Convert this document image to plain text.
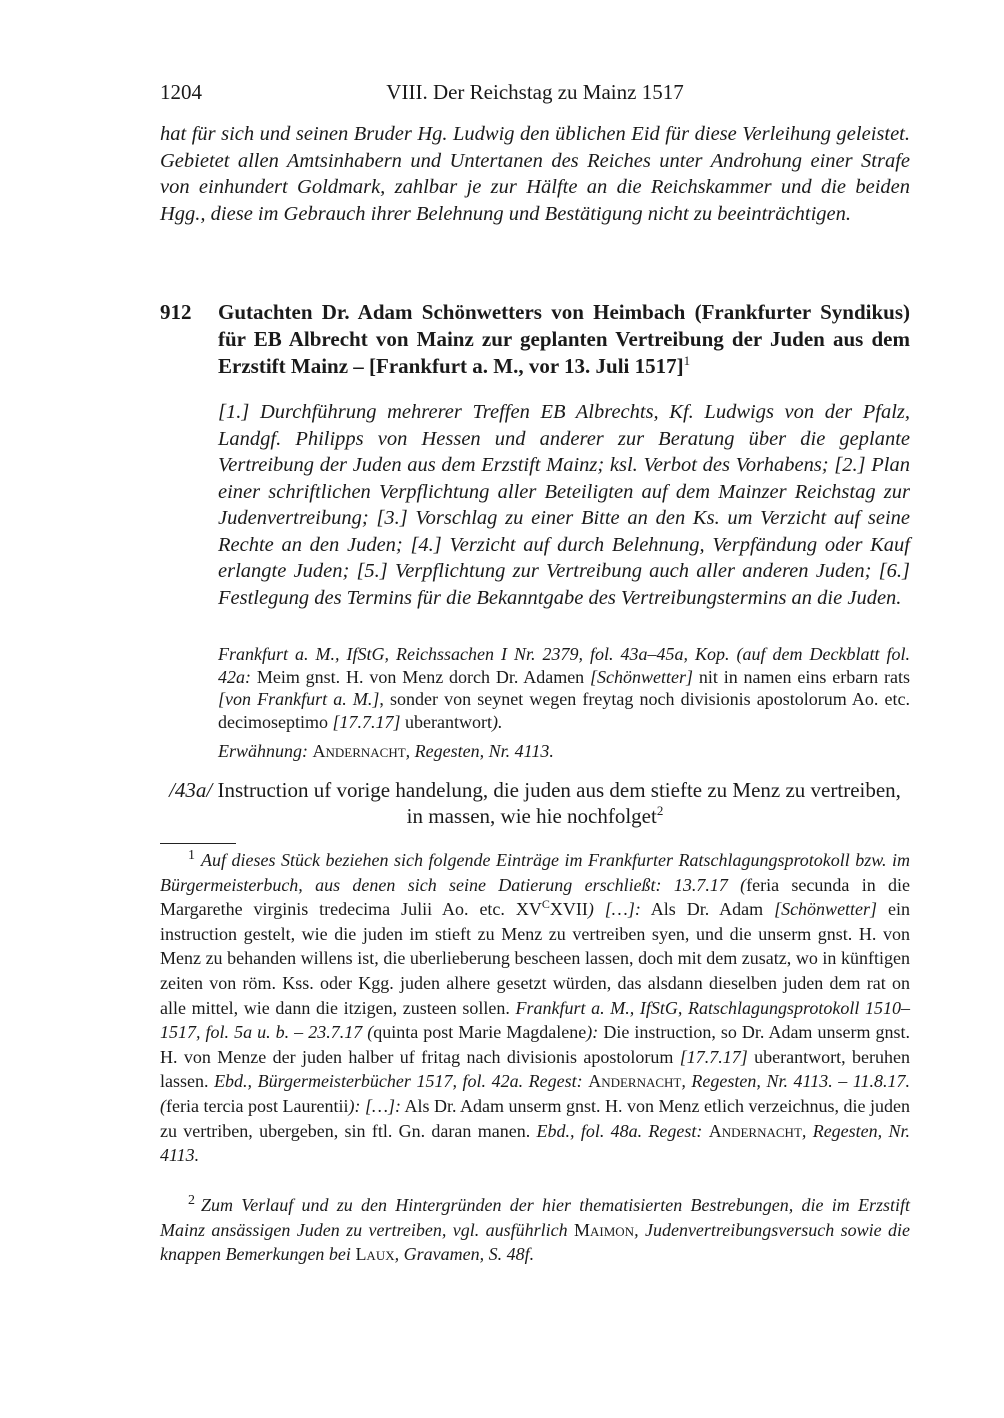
1204	VIII. Der Reichstag zu Mainz 1517

hat für sich und seinen Bruder Hg. Ludwig den üblichen Eid für diese Verleihung geleistet. Gebietet allen Amtsinhabern und Untertanen des Reiches unter Androhung einer Strafe von einhundert Goldmark, zahlbar je zur Hälfte an die Reichskammer und die beiden Hgg., diese im Gebrauch ihrer Belehnung und Bestätigung nicht zu beeinträchtigen.

912 Gutachten Dr. Adam Schönwetters von Heimbach (Frankfurter Syndikus) für EB Albrecht von Mainz zur geplanten Vertreibung der Juden aus dem Erzstift Mainz – [Frankfurt a. M., vor 13. Juli 1517]$^1$

[1.] Durchführung mehrerer Treffen EB Albrechts, Kf. Ludwigs von der Pfalz, Landgf. Philipps von Hessen und anderer zur Beratung über die geplante Vertreibung der Juden aus dem Erzstift Mainz; ksl. Verbot des Vorhabens; [2.] Plan einer schriftlichen Verpflichtung aller Beteiligten auf dem Mainzer Reichstag zur Judenvertreibung; [3.] Vorschlag zu einer Bitte an den Ks. um Verzicht auf seine Rechte an den Juden; [4.] Verzicht auf durch Belehnung, Verpfändung oder Kauf erlangte Juden; [5.] Verpflichtung zur Vertreibung auch aller anderen Juden; [6.] Festlegung des Termins für die Bekanntgabe des Vertreibungstermins an die Juden.

Frankfurt a. M., IfStG, Reichssachen I Nr. 2379, fol. 43a–45a, Kop. (auf dem Deckblatt fol. 42a: Meim gnst. H. von Menz dorch Dr. Adamen [Schönwetter] nit in namen eins erbarn rats [von Frankfurt a. M.], sonder von seynet wegen freytag noch divisionis apostolorum Ao. etc. decimoseptimo [17.7.17] uberantwort).

Erwähnung: Andernacht, Regesten, Nr. 4113.

/43a/ Instruction uf vorige handelung, die juden aus dem stiefte zu Menz zu vertreiben, in massen, wie hie nochfolget$^2$

$^1$ Auf dieses Stück beziehen sich folgende Einträge im Frankfurter Ratschlagungsprotokoll bzw. im Bürgermeisterbuch, aus denen sich seine Datierung erschließt: 13.7.17 (feria secunda in die Margarethe virginis tredecima Julii Ao. etc. $XV^CXVII$) […]: Als Dr. Adam [Schönwetter] ein instruction gestelt, wie die juden im stieft zu Menz zu vertreiben syen, und die unserm gnst. H. von Menz zu behanden willens ist, die uberlieberung bescheen lassen, doch mit dem zusatz, wo in künftigen zeiten von röm. Kss. oder Kgg. juden alhere gesetzt würden, das alsdann dieselben juden dem rat on alle mittel, wie dann die itzigen, zusteen sollen. Frankfurt a. M., IfStG, Ratschlagungsprotokoll 1510–1517, fol. 5a u. b. – 23.7.17 (quinta post Marie Magdalene): Die instruction, so Dr. Adam unserm gnst. H. von Menze der juden halber uf fritag nach divisionis apostolorum [17.7.17] uberantwort, beruhen lassen. Ebd., Bürgermeisterbücher 1517, fol. 42a. Regest: Andernacht, Regesten, Nr. 4113. – 11.8.17. (feria tercia post Laurentii): […]: Als Dr. Adam unserm gnst. H. von Menz etlich verzeichnus, die juden zu vertriben, ubergeben, sin ftl. Gn. daran manen. Ebd., fol. 48a. Regest: Andernacht, Regesten, Nr. 4113.

$^2$ Zum Verlauf und zu den Hintergründen der hier thematisierten Bestrebungen, die im Erzstift Mainz ansässigen Juden zu vertreiben, vgl. ausführlich Maimon, Judenvertreibungsversuch sowie die knappen Bemerkungen bei Laux, Gravamen, S. 48f.
